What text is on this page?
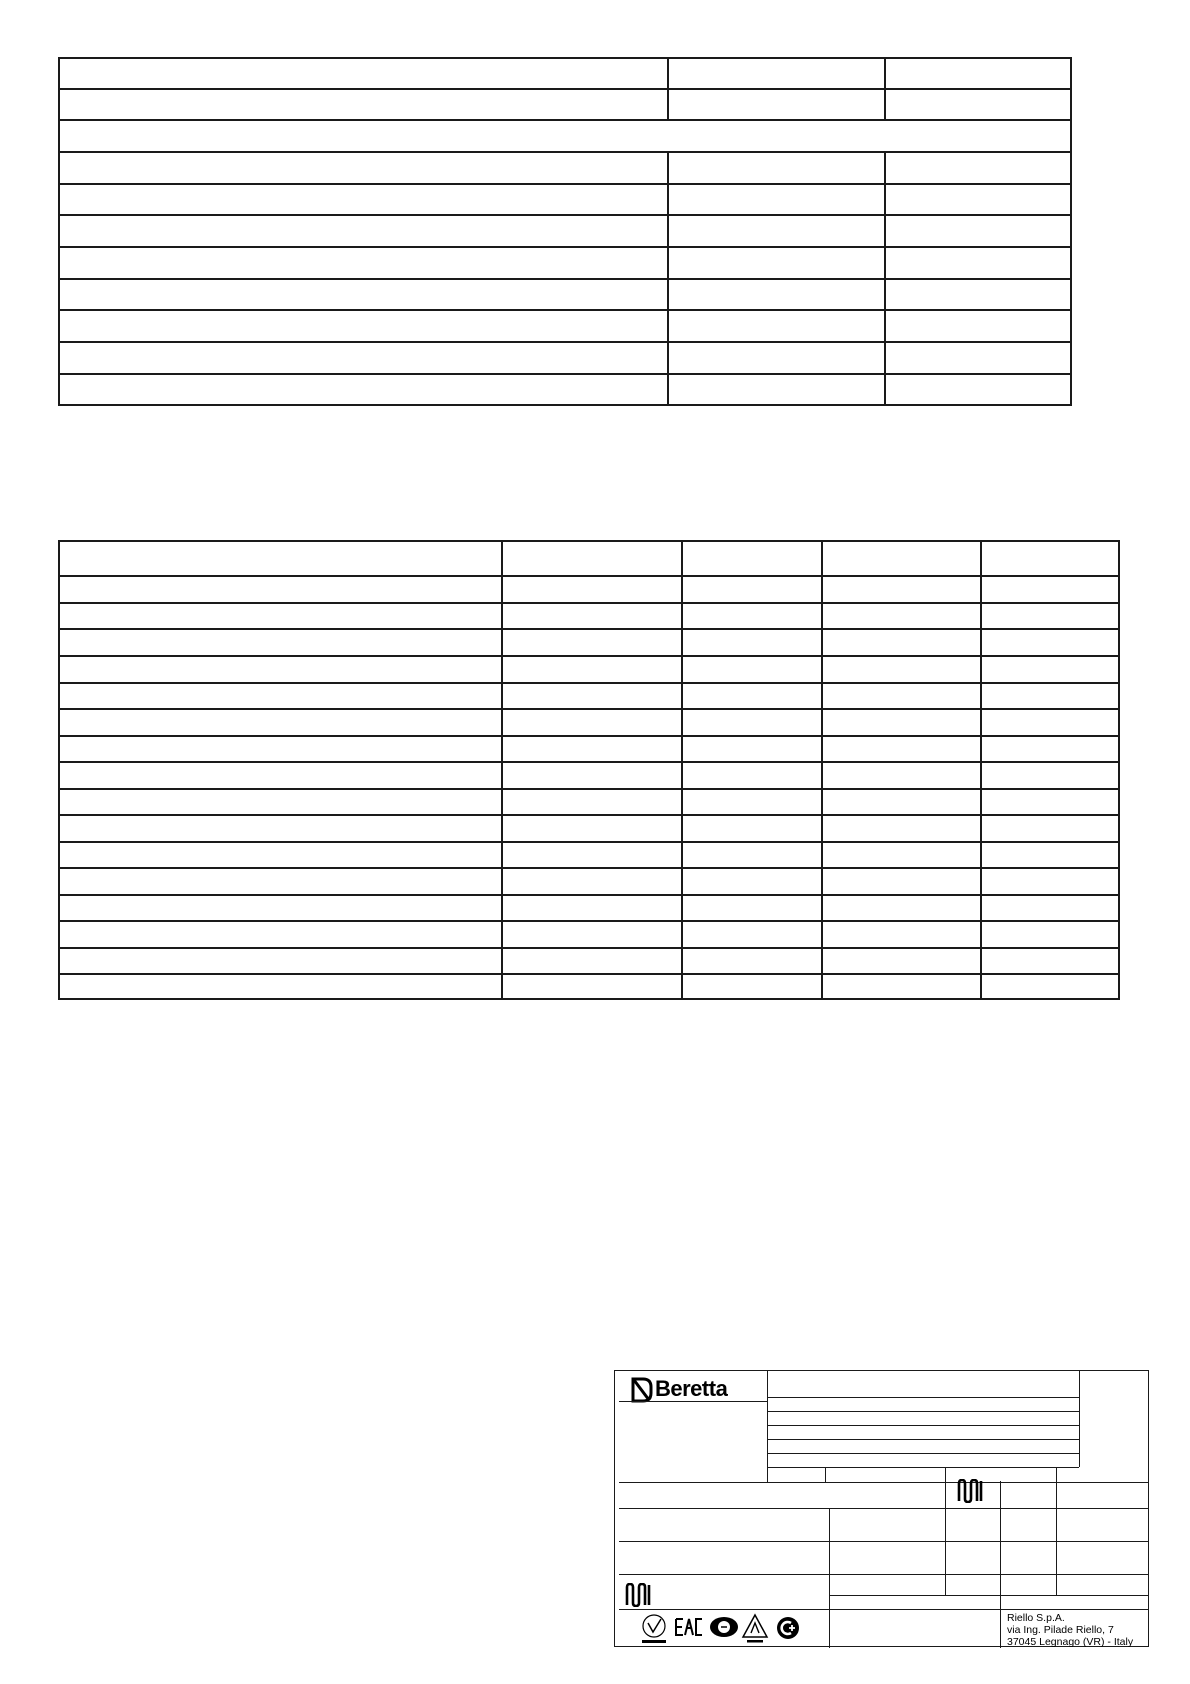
Beretta
Riello S.p.A.
via Ing. Pilade Riello, 7
37045 Legnago (VR) - Italy
